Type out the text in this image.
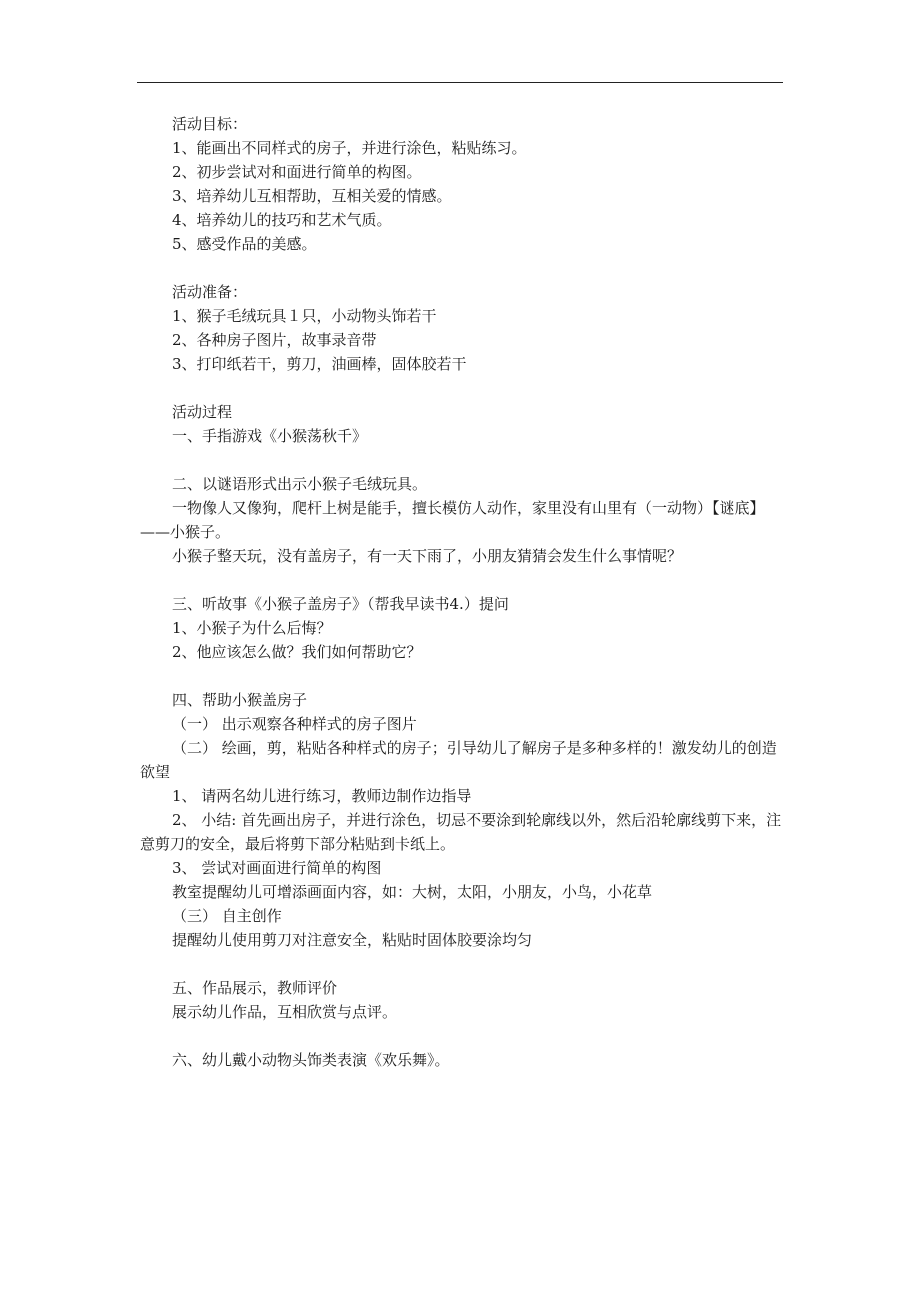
活动目标：
1、能画出不同样式的房子，并进行涂色，粘贴练习。
2、初步尝试对和面进行简单的构图。
3、培养幼儿互相帮助，互相关爱的情感。
4、培养幼儿的技巧和艺术气质。
5、感受作品的美感。
活动准备：
1、猴子毛绒玩具１只，小动物头饰若干
2、各种房子图片，故事录音带
3、打印纸若干，剪刀，油画棒，固体胶若干
活动过程
一、手指游戏《小猴荡秋千》
二、以谜语形式出示小猴子毛绒玩具。
一物像人又像狗，爬杆上树是能手，擅长模仿人动作，家里没有山里有（一动物）【谜底】——小猴子。
小猴子整天玩，没有盖房子，有一天下雨了，小朋友猜猜会发生什么事情呢？
三、听故事《小猴子盖房子》（帮我早读书4.）提问
1、小猴子为什么后悔？
2、他应该怎么做？我们如何帮助它？
四、帮助小猴盖房子
（一） 出示观察各种样式的房子图片
（二） 绘画，剪，粘贴各种样式的房子；引导幼儿了解房子是多种多样的！激发幼儿的创造欲望
1、 请两名幼儿进行练习，教师边制作边指导
2、 小结: 首先画出房子，并进行涂色，切忌不要涂到轮廓线以外，然后沿轮廓线剪下来，注意剪刀的安全，最后将剪下部分粘贴到卡纸上。
3、 尝试对画面进行简单的构图
教室提醒幼儿可增添画面内容，如：大树，太阳，小朋友，小鸟，小花草
（三） 自主创作
提醒幼儿使用剪刀对注意安全，粘贴时固体胶要涂均匀
五、作品展示，教师评价
展示幼儿作品，互相欣赏与点评。
六、幼儿戴小动物头饰类表演《欢乐舞》。
